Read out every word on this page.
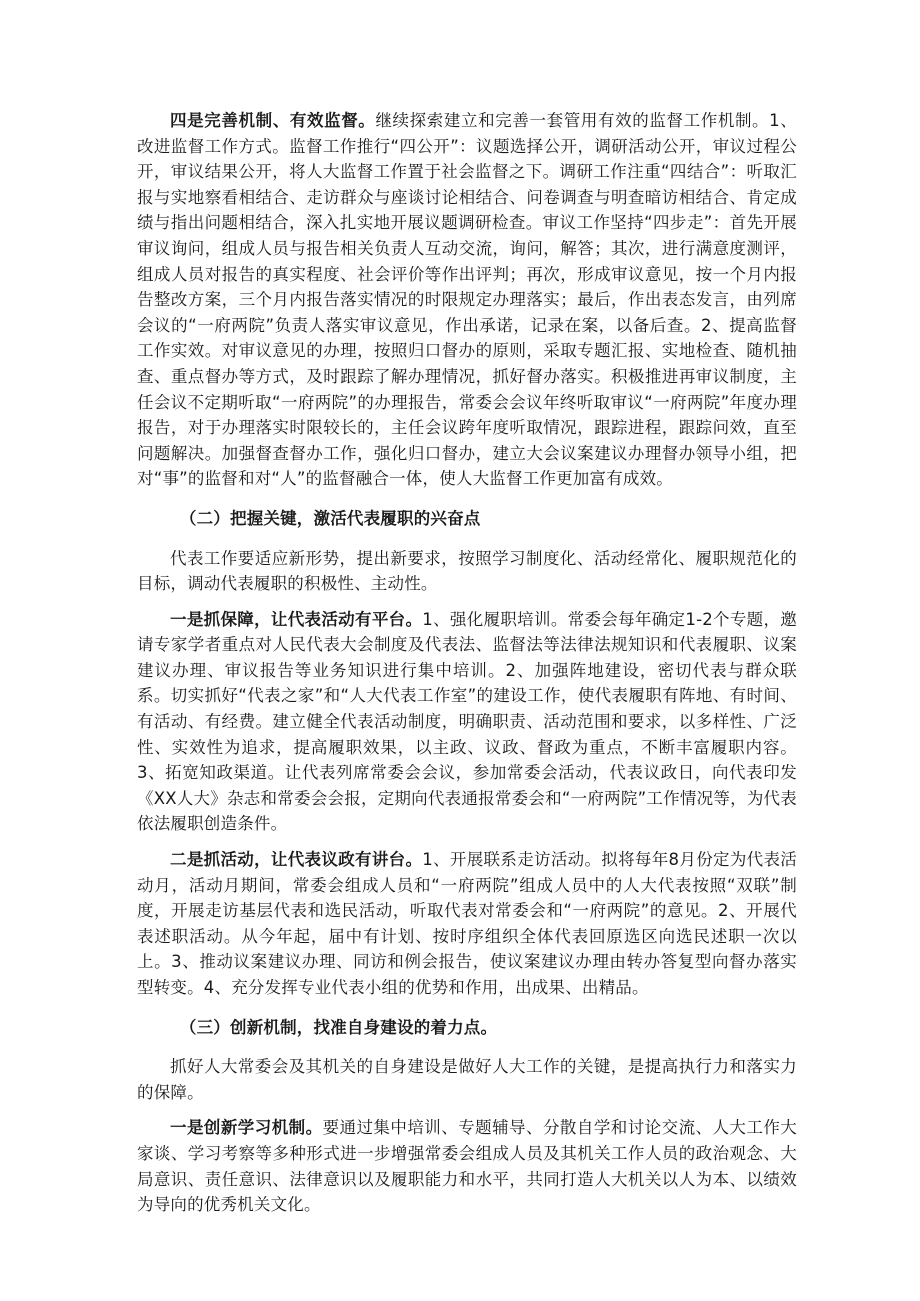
四是完善机制、有效监督。继续探索建立和完善一套管用有效的监督工作机制。1、改进监督工作方式。监督工作推行“四公开”：议题选择公开，调研活动公开，审议过程公开，审议结果公开，将人大监督工作置于社会监督之下。调研工作注重“四结合”：听取汇报与实地察看相结合、走访群众与座谈讨论相结合、问卷调查与明查暗访相结合、肯定成绩与指出问题相结合，深入扎实地开展议题调研检查。审议工作坚持“四步走”：首先开展审议询问，组成人员与报告相关负责人互动交流，询问，解答；其次，进行满意度测评，组成人员对报告的真实程度、社会评价等作出评判；再次，形成审议意见，按一个月内报告整改方案，三个月内报告落实情况的时限规定办理落实；最后，作出表态发言，由列席会议的“一府两院”负责人落实审议意见，作出承诺，记录在案，以备后查。2、提高监督工作实效。对审议意见的办理，按照归口督办的原则，采取专题汇报、实地检查、随机抽查、重点督办等方式，及时跟踪了解办理情况，抓好督办落实。积极推进再审议制度，主任会议不定期听取“一府两院”的办理报告，常委会会议年终听取审议“一府两院”年度办理报告，对于办理落实时限较长的，主任会议跨年度听取情况，跟踪进程，跟踪问效，直至问题解决。加强督查督办工作，强化归口督办，建立大会议案建议办理督办领导小组，把对“事”的监督和对“人”的监督融合一体，使人大监督工作更加富有成效。

（二）把握关键，激活代表履职的兴奋点

代表工作要适应新形势，提出新要求，按照学习制度化、活动经常化、履职规范化的目标，调动代表履职的积极性、主动性。

一是抓保障，让代表活动有平台。1、强化履职培训。常委会每年确定1-2个专题，邀请专家学者重点对人民代表大会制度及代表法、监督法等法律法规知识和代表履职、议案建议办理、审议报告等业务知识进行集中培训。2、加强阵地建设，密切代表与群众联系。切实抓好“代表之家”和“人大代表工作室”的建设工作，使代表履职有阵地、有时间、有活动、有经费。建立健全代表活动制度，明确职责、活动范围和要求，以多样性、广泛性、实效性为追求，提高履职效果，以主政、议政、督政为重点，不断丰富履职内容。3、拓宽知政渠道。让代表列席常委会会议，参加常委会活动，代表议政日，向代表印发《XX人大》杂志和常委会会报，定期向代表通报常委会和“一府两院”工作情况等，为代表依法履职创造条件。

二是抓活动，让代表议政有讲台。1、开展联系走访活动。拟将每年8月份定为代表活动月，活动月期间，常委会组成人员和“一府两院”组成人员中的人大代表按照“双联”制度，开展走访基层代表和选民活动，听取代表对常委会和“一府两院”的意见。2、开展代表述职活动。从今年起，届中有计划、按时序组织全体代表回原选区向选民述职一次以上。3、推动议案建议办理、同访和例会报告，使议案建议办理由转办答复型向督办落实型转变。4、充分发挥专业代表小组的优势和作用，出成果、出精品。

（三）创新机制，找准自身建设的着力点。

抓好人大常委会及其机关的自身建设是做好人大工作的关键，是提高执行力和落实力的保障。

一是创新学习机制。要通过集中培训、专题辅导、分散自学和讨论交流、人大工作大家谈、学习考察等多种形式进一步增强常委会组成人员及其机关工作人员的政治观念、大局意识、责任意识、法律意识以及履职能力和水平，共同打造人大机关以人为本、以绩效为导向的优秀机关文化。
